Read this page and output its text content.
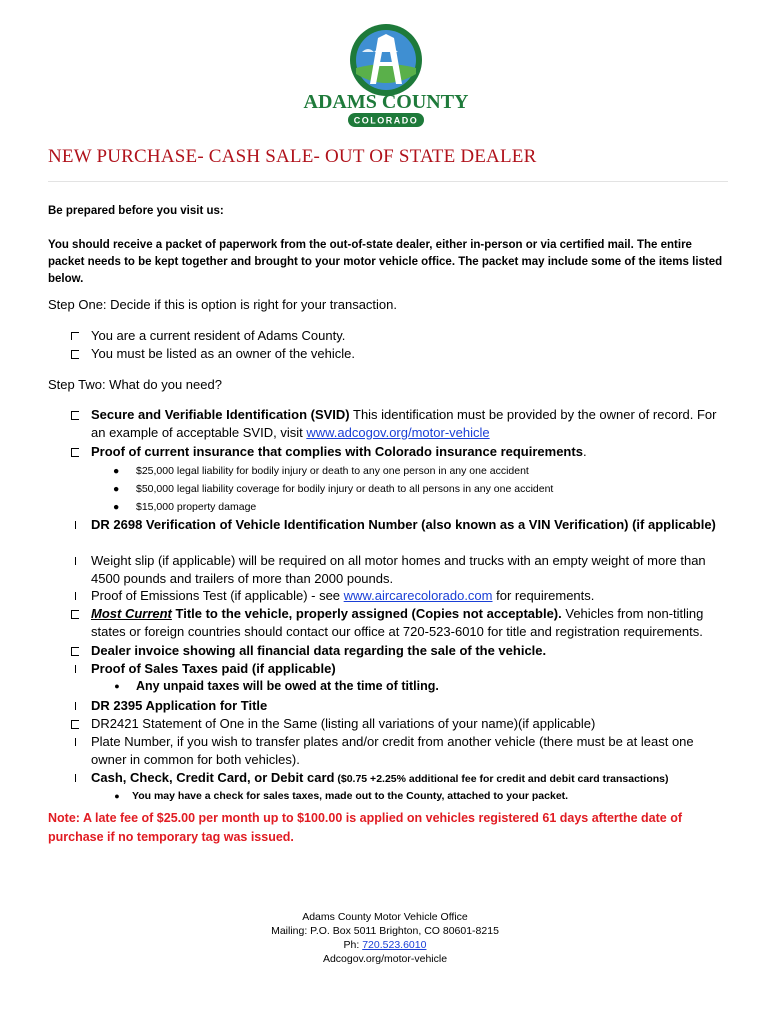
ADAMS COUNTY
COLORADO
NEW PURCHASE- CASH SALE- OUT OF STATE DEALER
Be prepared before you visit us:
You should receive a packet of paperwork from the out-of-state dealer, either in-person or via certified mail. The entire packet needs to be kept together and brought to your motor vehicle office. The packet may include some of the items listed below.
Step One: Decide if this is option is right for your transaction.
You are a current resident of Adams County.
You must be listed as an owner of the vehicle.
Step Two: What do you need?
Secure and Verifiable Identification (SVID) This identification must be provided by the owner of record. For an example of acceptable SVID, visit www.adcogov.org/motor-vehicle
Proof of current insurance that complies with Colorado insurance requirements.
● $25,000 legal liability for bodily injury or death to any one person in any one accident
● $50,000 legal liability coverage for bodily injury or death to all persons in any one accident
● $15,000 property damage
DR 2698 Verification of Vehicle Identification Number (also known as a VIN Verification) (if applicable)
Weight slip (if applicable) will be required on all motor homes and trucks with an empty weight of more than 4500 pounds and trailers of more than 2000 pounds.
Proof of Emissions Test (if applicable) - see www.aircarecolorado.com for requirements.
Most Current Title to the vehicle, properly assigned (Copies not acceptable). Vehicles from non-titling states or foreign countries should contact our office at 720-523-6010 for title and registration requirements.
Dealer invoice showing all financial data regarding the sale of the vehicle.
Proof of Sales Taxes paid (if applicable)
● Any unpaid taxes will be owed at the time of titling.
DR 2395 Application for Title
DR2421 Statement of One in the Same (listing all variations of your name)(if applicable)
Plate Number, if you wish to transfer plates and/or credit from another vehicle (there must be at least one owner in common for both vehicles).
Cash, Check, Credit Card, or Debit card ($0.75 +2.25% additional fee for credit and debit card transactions)
● You may have a check for sales taxes, made out to the County, attached to your packet.
Note: A late fee of $25.00 per month up to $100.00 is applied on vehicles registered 61 days afterthe date of purchase if no temporary tag was issued.
Adams County Motor Vehicle Office
Mailing: P.O. Box 5011 Brighton, CO 80601-8215
Ph: 720.523.6010
Adcogov.org/motor-vehicle
